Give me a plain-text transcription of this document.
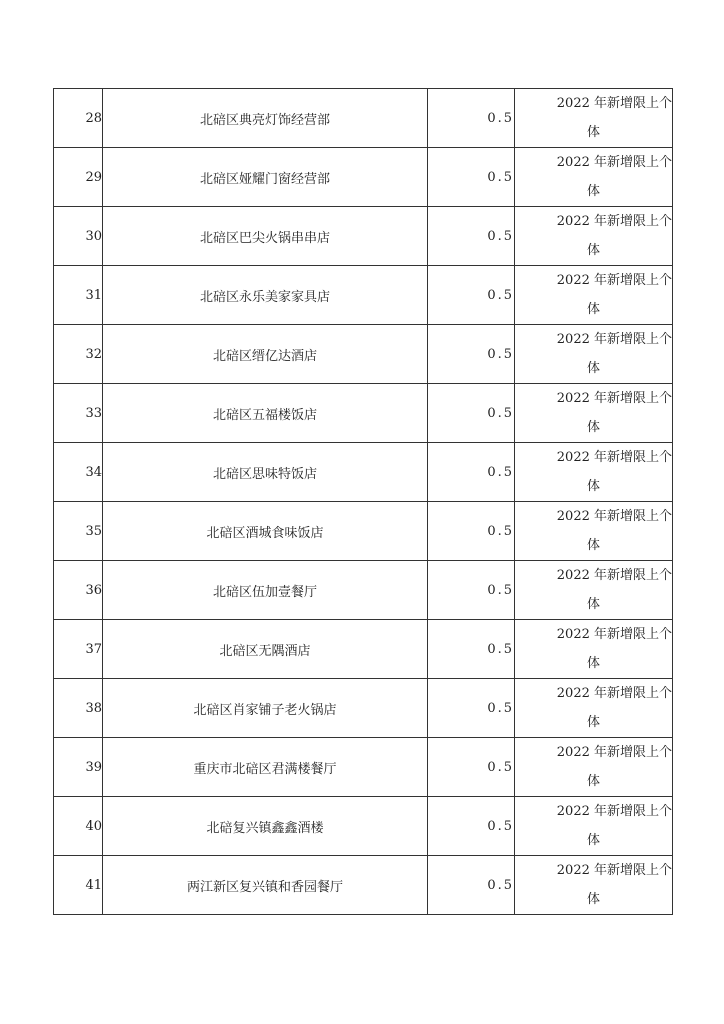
28	北碚区典亮灯饰经营部	0.5	2022 年新增限上个
体

29	北碚区娅耀门窗经营部	0.5	2022 年新增限上个
体

30	北碚区巴尖火锅串串店	0.5	2022 年新增限上个
体

31	北碚区永乐美家家具店	0.5	2022 年新增限上个
体

32	北碚区缙亿达酒店	0.5	2022 年新增限上个
体

33	北碚区五福楼饭店	0.5	2022 年新增限上个
体

34	北碚区思味特饭店	0.5	2022 年新增限上个
体

35	北碚区酒城食味饭店	0.5	2022 年新增限上个
体

36	北碚区伍加壹餐厅	0.5	2022 年新增限上个
体

37	北碚区无隅酒店	0.5	2022 年新增限上个
体

38	北碚区肖家铺子老火锅店	0.5	2022 年新增限上个
体

39	重庆市北碚区君满楼餐厅	0.5	2022 年新增限上个
体

40	北碚复兴镇鑫鑫酒楼	0.5	2022 年新增限上个
体

41	两江新区复兴镇和香园餐厅	0.5	2022 年新增限上个
体
